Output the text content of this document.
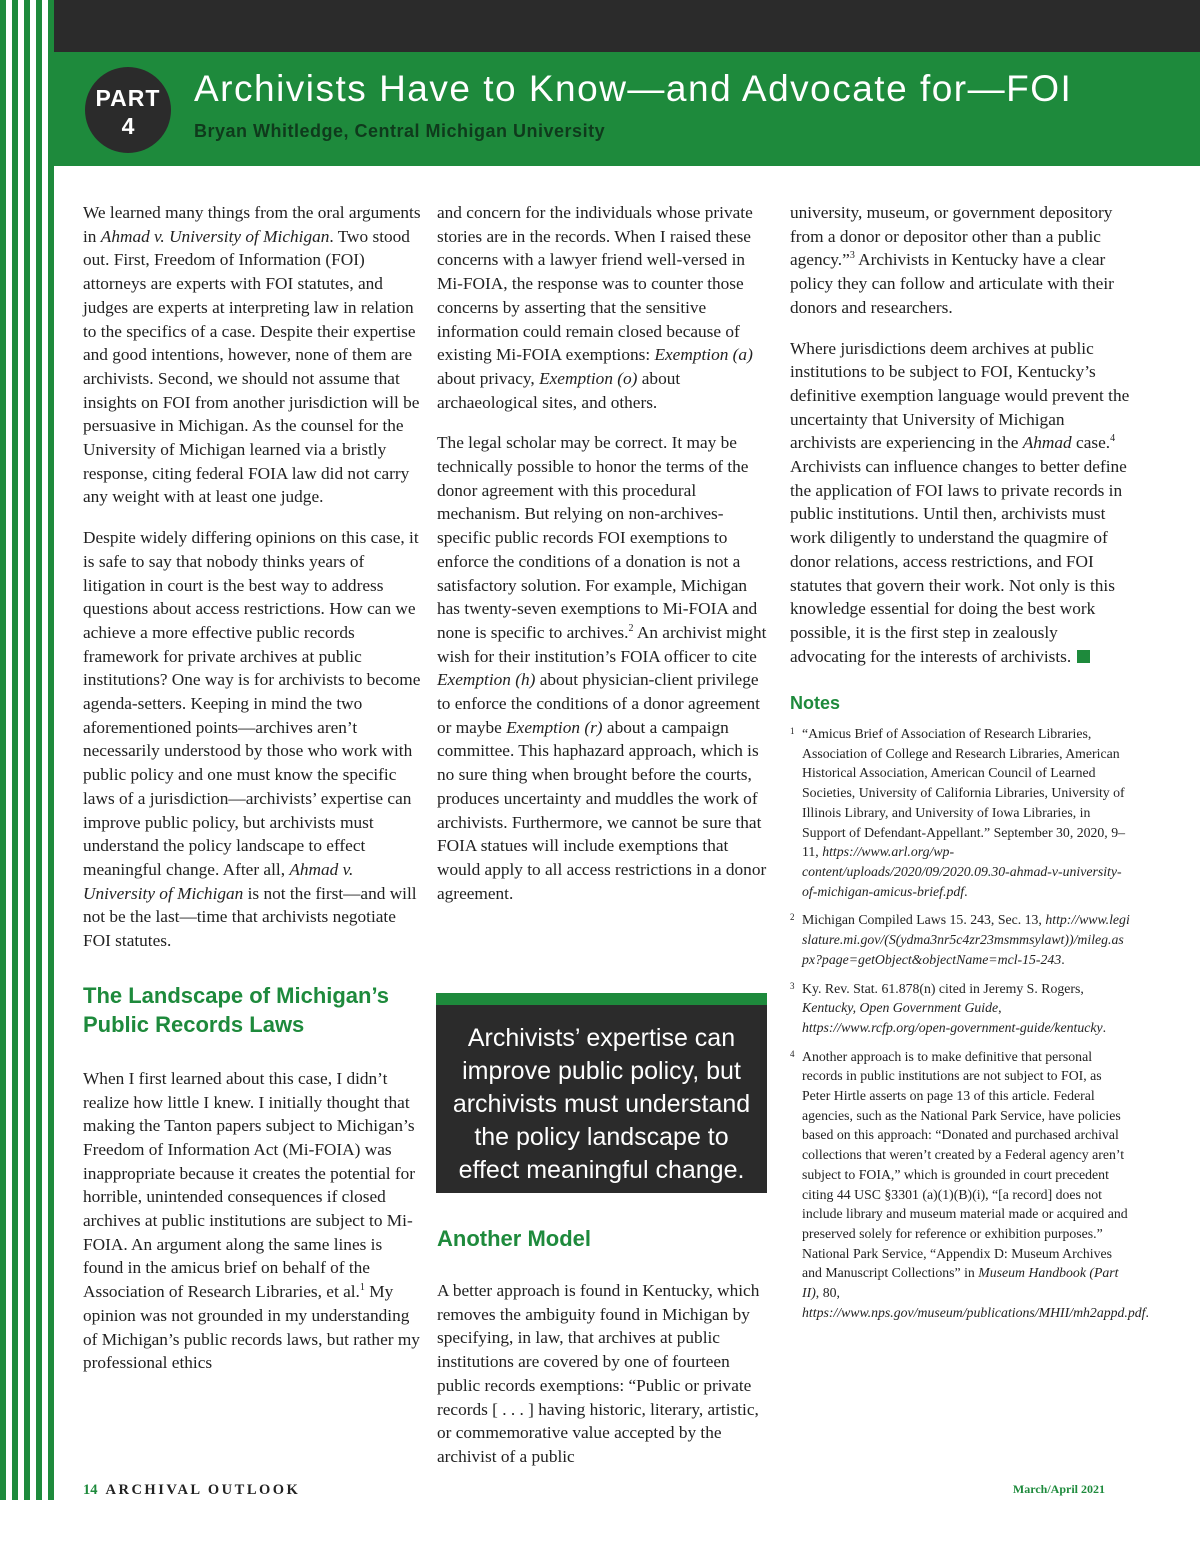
PART
4
Archivists Have to Know—and Advocate for—FOI
Bryan Whitledge, Central Michigan University

We learned many things from the oral arguments in Ahmad v. University of Michigan. Two stood out. First, Freedom of Information (FOI) attorneys are experts with FOI statutes, and judges are experts at interpreting law in relation to the specifics of a case. Despite their expertise and good intentions, however, none of them are archivists. Second, we should not assume that insights on FOI from another jurisdiction will be persuasive in Michigan. As the counsel for the University of Michigan learned via a bristly response, citing federal FOIA law did not carry any weight with at least one judge.

Despite widely differing opinions on this case, it is safe to say that nobody thinks years of litigation in court is the best way to address questions about access restrictions. How can we achieve a more effective public records framework for private archives at public institutions? One way is for archivists to become agenda-setters. Keeping in mind the two aforementioned points—archives aren’t necessarily understood by those who work with public policy and one must know the specific laws of a jurisdiction—archivists’ expertise can improve public policy, but archivists must understand the policy landscape to effect meaningful change. After all, Ahmad v. University of Michigan is not the first—and will not be the last—time that archivists negotiate FOI statutes.

The Landscape of Michigan’s Public Records Laws

When I first learned about this case, I didn’t realize how little I knew. I initially thought that making the Tanton papers subject to Michigan’s Freedom of Information Act (Mi-FOIA) was inappropriate because it creates the potential for horrible, unintended consequences if closed archives at public institutions are subject to Mi-FOIA. An argument along the same lines is found in the amicus brief on behalf of the Association of Research Libraries, et al.$^1$ My opinion was not grounded in my understanding of Michigan’s public records laws, but rather my professional ethics

and concern for the individuals whose private stories are in the records. When I raised these concerns with a lawyer friend well-versed in Mi-FOIA, the response was to counter those concerns by asserting that the sensitive information could remain closed because of existing Mi-FOIA exemptions: Exemption (a) about privacy, Exemption (o) about archaeological sites, and others.

The legal scholar may be correct. It may be technically possible to honor the terms of the donor agreement with this procedural mechanism. But relying on non-archives-specific public records FOI exemptions to enforce the conditions of a donation is not a satisfactory solution. For example, Michigan has twenty-seven exemptions to Mi-FOIA and none is specific to archives.$^2$ An archivist might wish for their institution’s FOIA officer to cite Exemption (h) about physician-client privilege to enforce the conditions of a donor agreement or maybe Exemption (r) about a campaign committee. This haphazard approach, which is no sure thing when brought before the courts, produces uncertainty and muddles the work of archivists. Furthermore, we cannot be sure that FOIA statues will include exemptions that would apply to all access restrictions in a donor agreement.

Archivists’ expertise can improve public policy, but archivists must understand the policy landscape to effect meaningful change.
Another Model

A better approach is found in Kentucky, which removes the ambiguity found in Michigan by specifying, in law, that archives at public institutions are covered by one of fourteen public records exemptions: “Public or private records [ . . . ] having historic, literary, artistic, or commemorative value accepted by the archivist of a public

university, museum, or government depository from a donor or depositor other than a public agency.”$^3$ Archivists in Kentucky have a clear policy they can follow and articulate with their donors and researchers.

Where jurisdictions deem archives at public institutions to be subject to FOI, Kentucky’s definitive exemption language would prevent the uncertainty that University of Michigan archivists are experiencing in the Ahmad case.$^4$ Archivists can influence changes to better define the application of FOI laws to private records in public institutions. Until then, archivists must work diligently to understand the quagmire of donor relations, access restrictions, and FOI statutes that govern their work. Not only is this knowledge essential for doing the best work possible, it is the first step in zealously advocating for the interests of archivists.

Notes
1 “Amicus Brief of Association of Research Libraries, Association of College and Research Libraries, American Historical Association, American Council of Learned Societies, University of California Libraries, University of Illinois Library, and University of Iowa Libraries, in Support of Defendant-Appellant.” September 30, 2020, 9–11, https://www.arl.org/wp-content/uploads/2020/09/2020.09.30-ahmad-v-university-of-michigan-amicus-brief.pdf.
2 Michigan Compiled Laws 15. 243, Sec. 13, http://www.legislature.mi.gov/(S(ydma3nr5c4zr23msmmsylawt))/mileg.aspx?page=getObject&objectName=mcl-15-243.
3 Ky. Rev. Stat. 61.878(n) cited in Jeremy S. Rogers, Kentucky, Open Government Guide, https://www.rcfp.org/open-government-guide/kentucky.
4 Another approach is to make definitive that personal records in public institutions are not subject to FOI, as Peter Hirtle asserts on page 13 of this article. Federal agencies, such as the National Park Service, have policies based on this approach: “Donated and purchased archival collections that weren’t created by a Federal agency aren’t subject to FOIA,” which is grounded in court precedent citing 44 USC §3301 (a)(1)(B)(i), “[a record] does not include library and museum material made or acquired and preserved solely for reference or exhibition purposes.” National Park Service, “Appendix D: Museum Archives and Manuscript Collections” in Museum Handbook (Part II), 80, https://www.nps.gov/museum/publications/MHII/mh2appd.pdf.
14 ARCHIVAL OUTLOOK	March/April 2021
